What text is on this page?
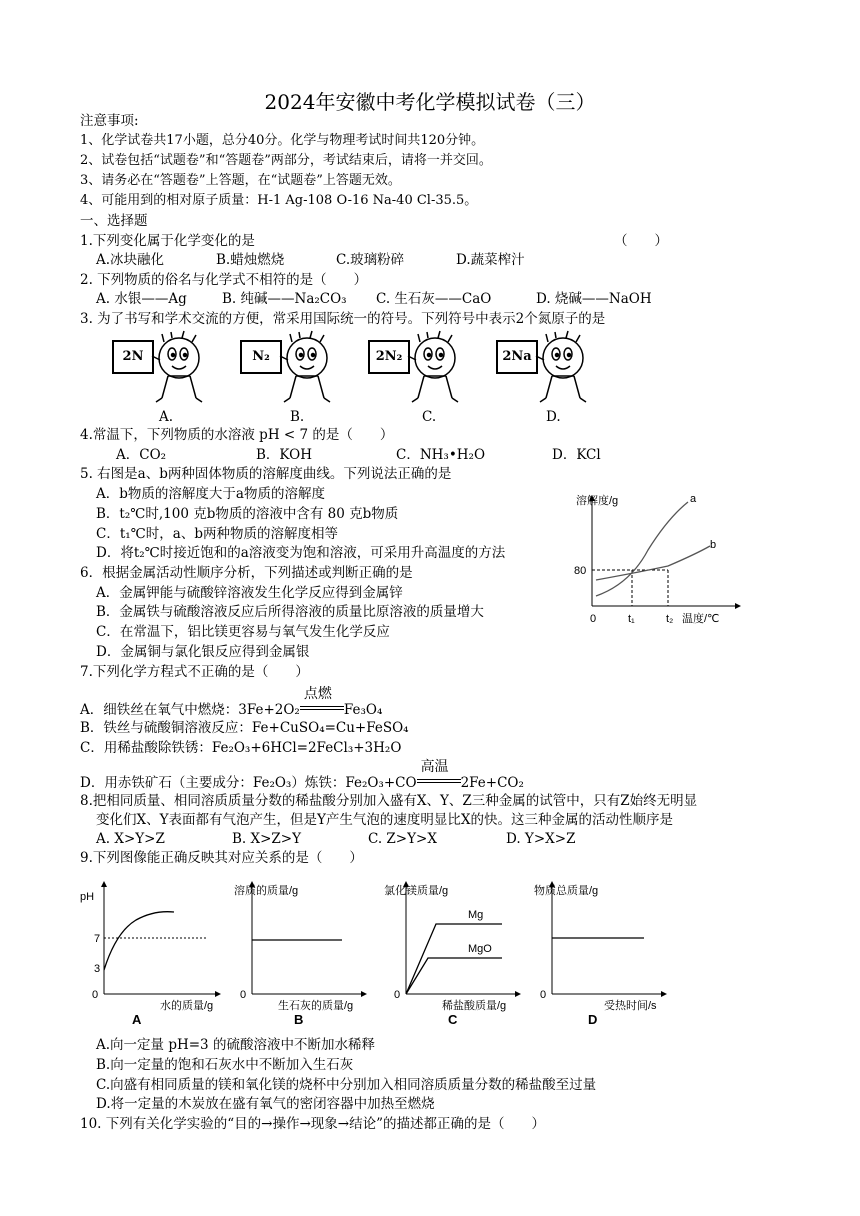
2024年安徽中考化学模拟试卷（三）
注意事项:
1、化学试卷共17小题，总分40分。化学与物理考试时间共120分钟。
2、试卷包括“试题卷”和“答题卷”两部分，考试结束后，请将一并交回。
3、请务必在“答题卷”上答题，在“试题卷”上答题无效。
4、可能用到的相对原子质量：H-1 Ag-108 O-16 Na-40 Cl-35.5。
一、选择题
1.下列变化属于化学变化的是	（　　）
A.冰块融化	B.蜡烛燃烧	C.玻璃粉碎	D.蔬菜榨汁
2. 下列物质的俗名与化学式不相符的是（　　）
A. 水银——Ag	B. 纯碱——Na₂CO₃ C. 生石灰——CaO	D. 烧碱——NaOH
3. 为了书写和学术交流的方便，常采用国际统一的符号。下列符号中表示2个氮原子的是
2N	N₂	2N₂	2Na
A.	B.	C.	D.
4.常温下，下列物质的水溶液 pH < 7 的是（　　）
A．CO₂	B．KOH	C．NH₃•H₂O	D．KCl
5. 右图是a、b两种固体物质的溶解度曲线。下列说法正确的是
A．b物质的溶解度大于a物质的溶解度
B．t₂℃时,100 克b物质的溶液中含有 80 克b物质
C．t₁℃时，a、b两种物质的溶解度相等
D．将t₂℃时接近饱和的a溶液变为饱和溶液，可采用升高温度的方法
溶解度/g
0	t₁	t₂ 温度/℃
80
a
b
6．根据金属活动性顺序分析，下列描述或判断正确的是
A．金属钾能与硫酸锌溶液发生化学反应得到金属锌
B．金属铁与硫酸溶液反应后所得溶液的质量比原溶液的质量增大
C．在常温下，铝比镁更容易与氧气发生化学反应
D．金属铜与氯化银反应得到金属银
7.下列化学方程式不正确的是（　　）
A．细铁丝在氧气中燃烧：3Fe+2O₂
点燃
Fe₃O₄
B．铁丝与硫酸铜溶液反应：Fe+CuSO₄=Cu+FeSO₄
C．用稀盐酸除铁锈：Fe₂O₃+6HCl=2FeCl₃+3H₂O
D．用赤铁矿石（主要成分：Fe₂O₃）炼铁：Fe₂O₃+CO
高温
2Fe+CO₂
8.把相同质量、相同溶质质量分数的稀盐酸分别加入盛有X、Y、Z三种金属的试管中，只有Z始终无明显
变化们X、Y表面都有气泡产生，但是Y产生气泡的速度明显比X的快。这三种金属的活动性顺序是
A. X>Y>Z	B. X>Z>Y	C. Z>Y>X	D. Y>X>Z
9.下列图像能正确反映其对应关系的是（　　）
pH
0
3
7
水的质量/g
A
溶质的质量/g
0
生石灰的质量/g
B
氯化镁质量/g
0
Mg
MgO
稀盐酸质量/g
C
物质总质量/g
0
受热时间/s
D
A.向一定量 pH=3 的硫酸溶液中不断加水稀释
B.向一定量的饱和石灰水中不断加入生石灰
C.向盛有相同质量的镁和氧化镁的烧杯中分别加入相同溶质质量分数的稀盐酸至过量
D.将一定量的木炭放在盛有氧气的密闭容器中加热至燃烧
10. 下列有关化学实验的“目的→操作→现象→结论”的描述都正确的是（　　）
